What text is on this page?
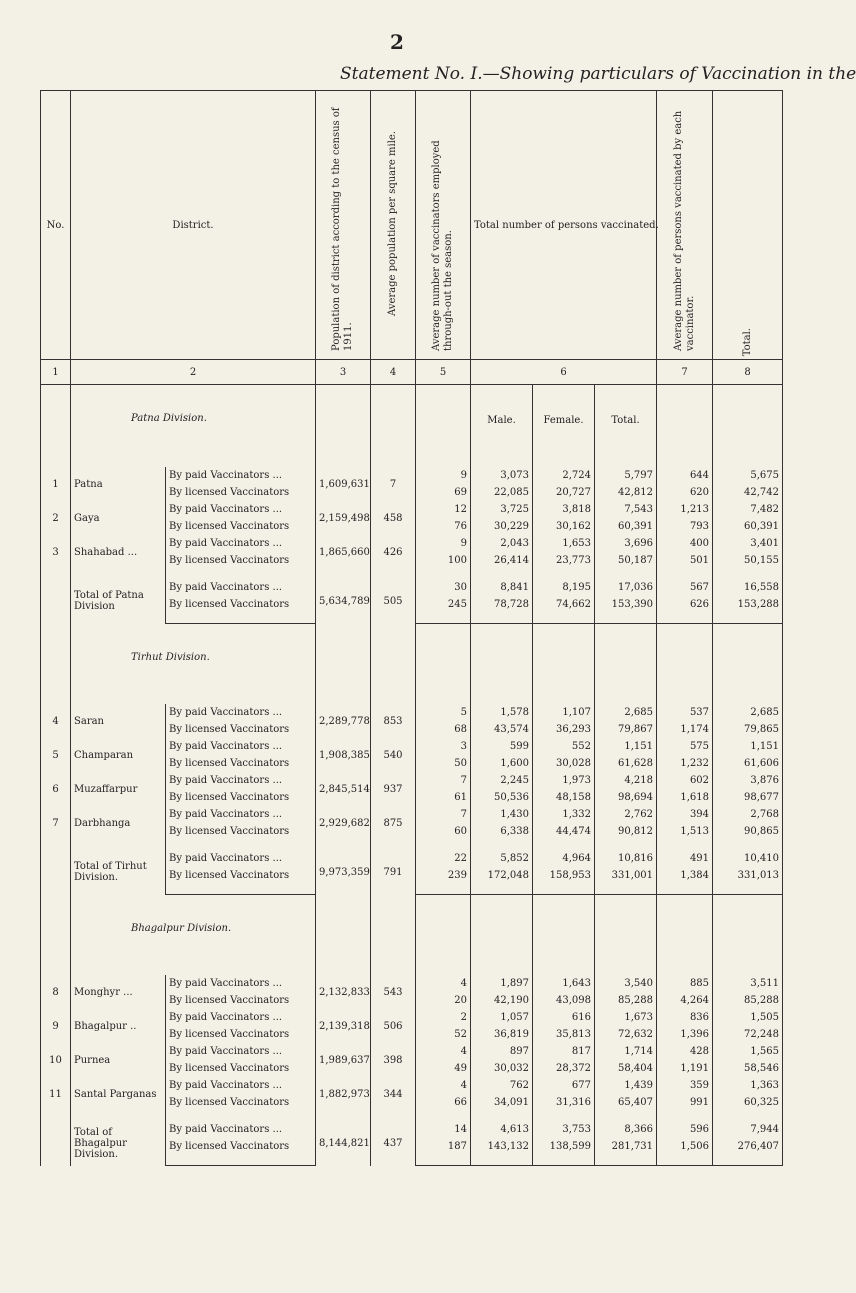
2
Statement No. I.—Showing particulars of Vaccination in the
No.	District.		Population of district according to the census of 1911.	Average population per square mile.	Average number of vaccinators employed through-out the season.	Total number of persons vaccinated.			Average number of persons vaccinated by each vaccinator.	Total.
1	2		3	4	5	6			7	8
	Patna Division.					Male.	Female.	Total.		
1	Patna	By paid Vaccinators ...	1,609,631	7	9	3,073	2,724	5,797	644	5,675
		By licensed Vaccinators			69	22,085	20,727	42,812	620	42,742
2	Gaya	By paid Vaccinators ...	2,159,498	458	12	3,725	3,818	7,543	1,213	7,482
		By licensed Vaccinators			76	30,229	30,162	60,391	793	60,391
3	Shahabad ...	By paid Vaccinators ...	1,865,660	426	9	2,043	1,653	3,696	400	3,401
		By licensed Vaccinators			100	26,414	23,773	50,187	501	50,155
	Total of Patna Division	By paid Vaccinators ...	5,634,789	505	30	8,841	8,195	17,036	567	16,558
		By licensed Vaccinators			245	78,728	74,662	153,390	626	153,288
	Tirhut Division.									
4	Saran	By paid Vaccinators ...	2,289,778	853	5	1,578	1,107	2,685	537	2,685
		By licensed Vaccinators			68	43,574	36,293	79,867	1,174	79,865
5	Champaran	By paid Vaccinators ...	1,908,385	540	3	599	552	1,151	575	1,151
		By licensed Vaccinators			50	1,600	30,028	61,628	1,232	61,606
6	Muzaffarpur	By paid Vaccinators ...	2,845,514	937	7	2,245	1,973	4,218	602	3,876
		By licensed Vaccinators			61	50,536	48,158	98,694	1,618	98,677
7	Darbhanga	By paid Vaccinators ...	2,929,682	875	7	1,430	1,332	2,762	394	2,768
		By licensed Vaccinators			60	6,338	44,474	90,812	1,513	90,865
	Total of Tirhut Division.	By paid Vaccinators ...	9,973,359	791	22	5,852	4,964	10,816	491	10,410
		By licensed Vaccinators			239	172,048	158,953	331,001	1,384	331,013
	Bhagalpur Division.									
8	Monghyr ...	By paid Vaccinators ...	2,132,833	543	4	1,897	1,643	3,540	885	3,511
		By licensed Vaccinators			20	42,190	43,098	85,288	4,264	85,288
9	Bhagalpur ..	By paid Vaccinators ...	2,139,318	506	2	1,057	616	1,673	836	1,505
		By licensed Vaccinators			52	36,819	35,813	72,632	1,396	72,248
10	Purnea	By paid Vaccinators ...	1,989,637	398	4	897	817	1,714	428	1,565
		By licensed Vaccinators			49	30,032	28,372	58,404	1,191	58,546
11	Santal Parganas	By paid Vaccinators ...	1,882,973	344	4	762	677	1,439	359	1,363
		By licensed Vaccinators			66	34,091	31,316	65,407	991	60,325
	Total of Bhagalpur Division.	By paid Vaccinators ...	8,144,821	437	14	4,613	3,753	8,366	596	7,944
		By licensed Vaccinators			187	143,132	138,599	281,731	1,506	276,407
